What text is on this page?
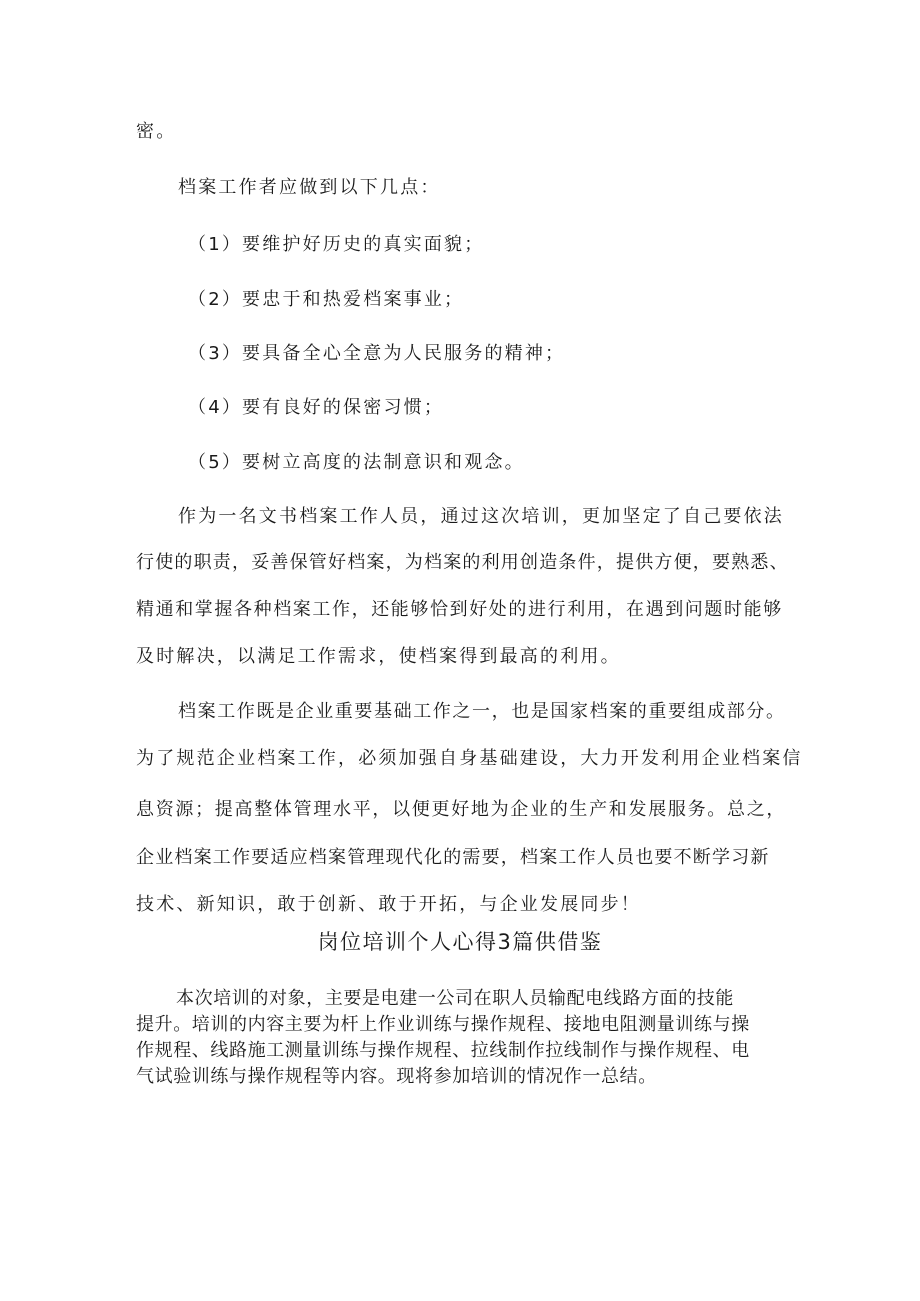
密。
档案工作者应做到以下几点：
（1）要维护好历史的真实面貌；
（2）要忠于和热爱档案事业；
（3）要具备全心全意为人民服务的精神；
（4）要有良好的保密习惯；
（5）要树立高度的法制意识和观念。
作为一名文书档案工作人员，通过这次培训，更加坚定了自己要依法
行使的职责，妥善保管好档案，为档案的利用创造条件，提供方便，要熟悉、
精通和掌握各种档案工作，还能够恰到好处的进行利用，在遇到问题时能够
及时解决，以满足工作需求，使档案得到最高的利用。
档案工作既是企业重要基础工作之一，也是国家档案的重要组成部分。
为了规范企业档案工作，必须加强自身基础建设，大力开发利用企业档案信
息资源；提高整体管理水平，以便更好地为企业的生产和发展服务。总之，
企业档案工作要适应档案管理现代化的需要，档案工作人员也要不断学习新
技术、新知识，敢于创新、敢于开拓，与企业发展同步！
岗位培训个人心得3篇供借鉴
本次培训的对象，主要是电建一公司在职人员输配电线路方面的技能
提升。培训的内容主要为杆上作业训练与操作规程、接地电阻测量训练与操
作规程、线路施工测量训练与操作规程、拉线制作拉线制作与操作规程、电
气试验训练与操作规程等内容。现将参加培训的情况作一总结。
